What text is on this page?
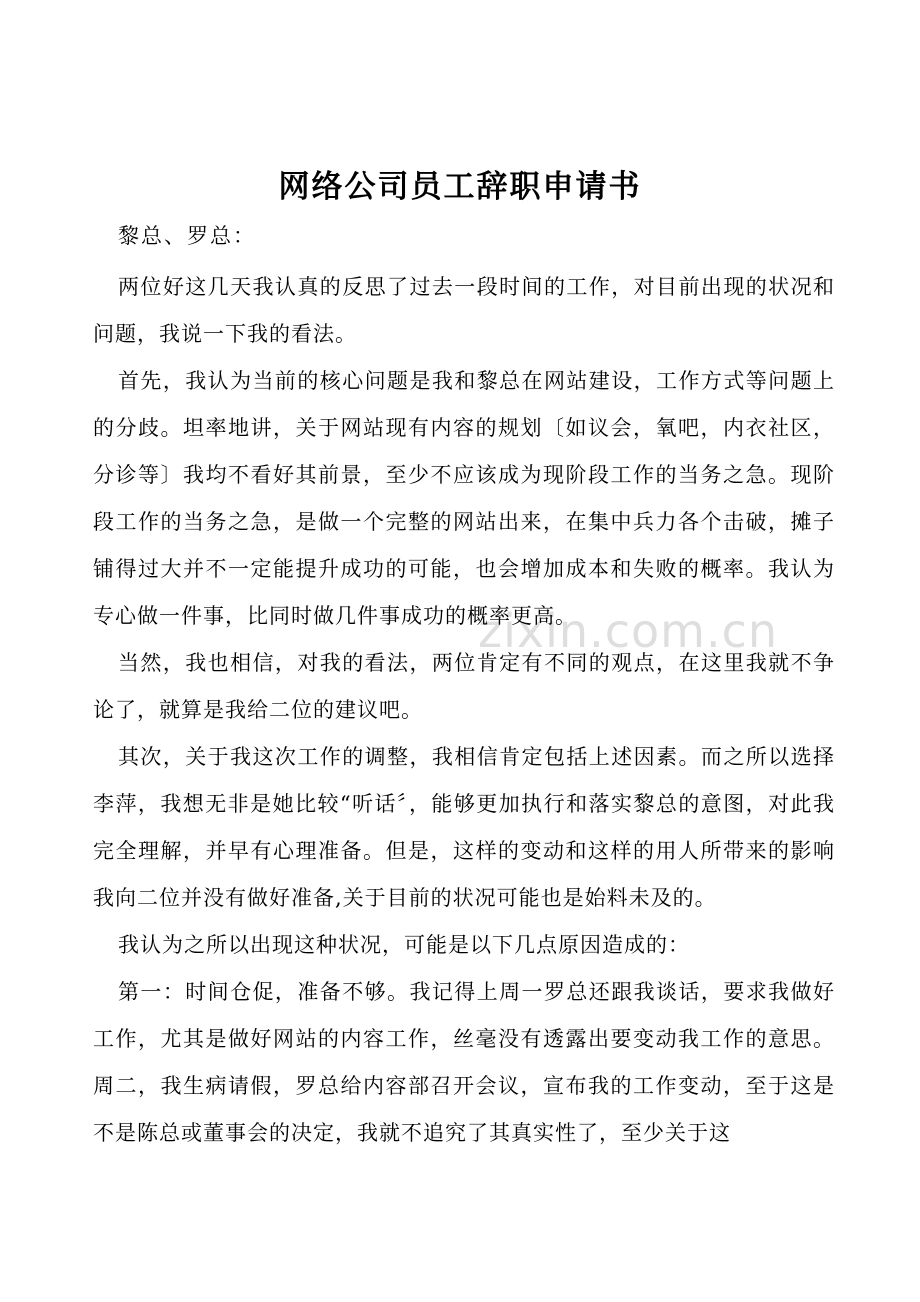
zixin.com.cn
网络公司员工辞职申请书
黎总、罗总：

两位好这几天我认真的反思了过去一段时间的工作，对目前出现的状况和问题，我说一下我的看法。

首先，我认为当前的核心问题是我和黎总在网站建设，工作方式等问题上的分歧。坦率地讲，关于网站现有内容的规划〔如议会，氧吧，内衣社区，分诊等〕我均不看好其前景，至少不应该成为现阶段工作的当务之急。现阶段工作的当务之急，是做一个完整的网站出来，在集中兵力各个击破，摊子铺得过大并不一定能提升成功的可能，也会增加成本和失败的概率。我认为专心做一件事，比同时做几件事成功的概率更高。

当然，我也相信，对我的看法，两位肯定有不同的观点，在这里我就不争论了，就算是我给二位的建议吧。

其次，关于我这次工作的调整，我相信肯定包括上述因素。而之所以选择李萍，我想无非是她比较“听话〞，能够更加执行和落实黎总的意图，对此我完全理解，并早有心理准备。但是，这样的变动和这样的用人所带来的影响我向二位并没有做好准备,关于目前的状况可能也是始料未及的。

我认为之所以出现这种状况，可能是以下几点原因造成的：

第一：时间仓促，准备不够。我记得上周一罗总还跟我谈话，要求我做好工作，尤其是做好网站的内容工作，丝毫没有透露出要变动我工作的意思。周二，我生病请假，罗总给内容部召开会议，宣布我的工作变动，至于这是不是陈总或董事会的决定，我就不追究了其真实性了，至少关于这
